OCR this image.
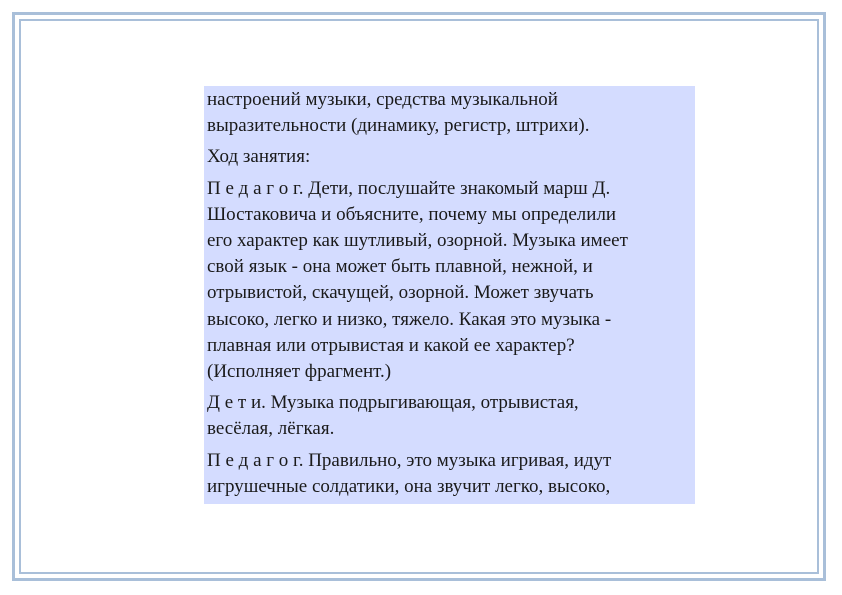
настроений музыки, средства музыкальной
выразительности (динамику, регистр, штрихи).

Ход занятия:

П е д а г о г. Дети, послушайте знакомый марш Д.
Шостаковича и объясните, почему мы определили
его характер как шутливый, озорной. Музыка имеет
свой язык - она может быть плавной, нежной, и
отрывистой, скачущей, озорной. Может звучать
высоко, легко и низко, тяжело. Какая это музыка -
плавная или отрывистая и какой ее характер?
(Исполняет фрагмент.)

Д е т и. Музыка подрыгивающая, отрывистая,
весёлая, лёгкая.

П е д а г о г. Правильно, это музыка игривая, идут
игрушечные солдатики, она звучит легко, высоко,
